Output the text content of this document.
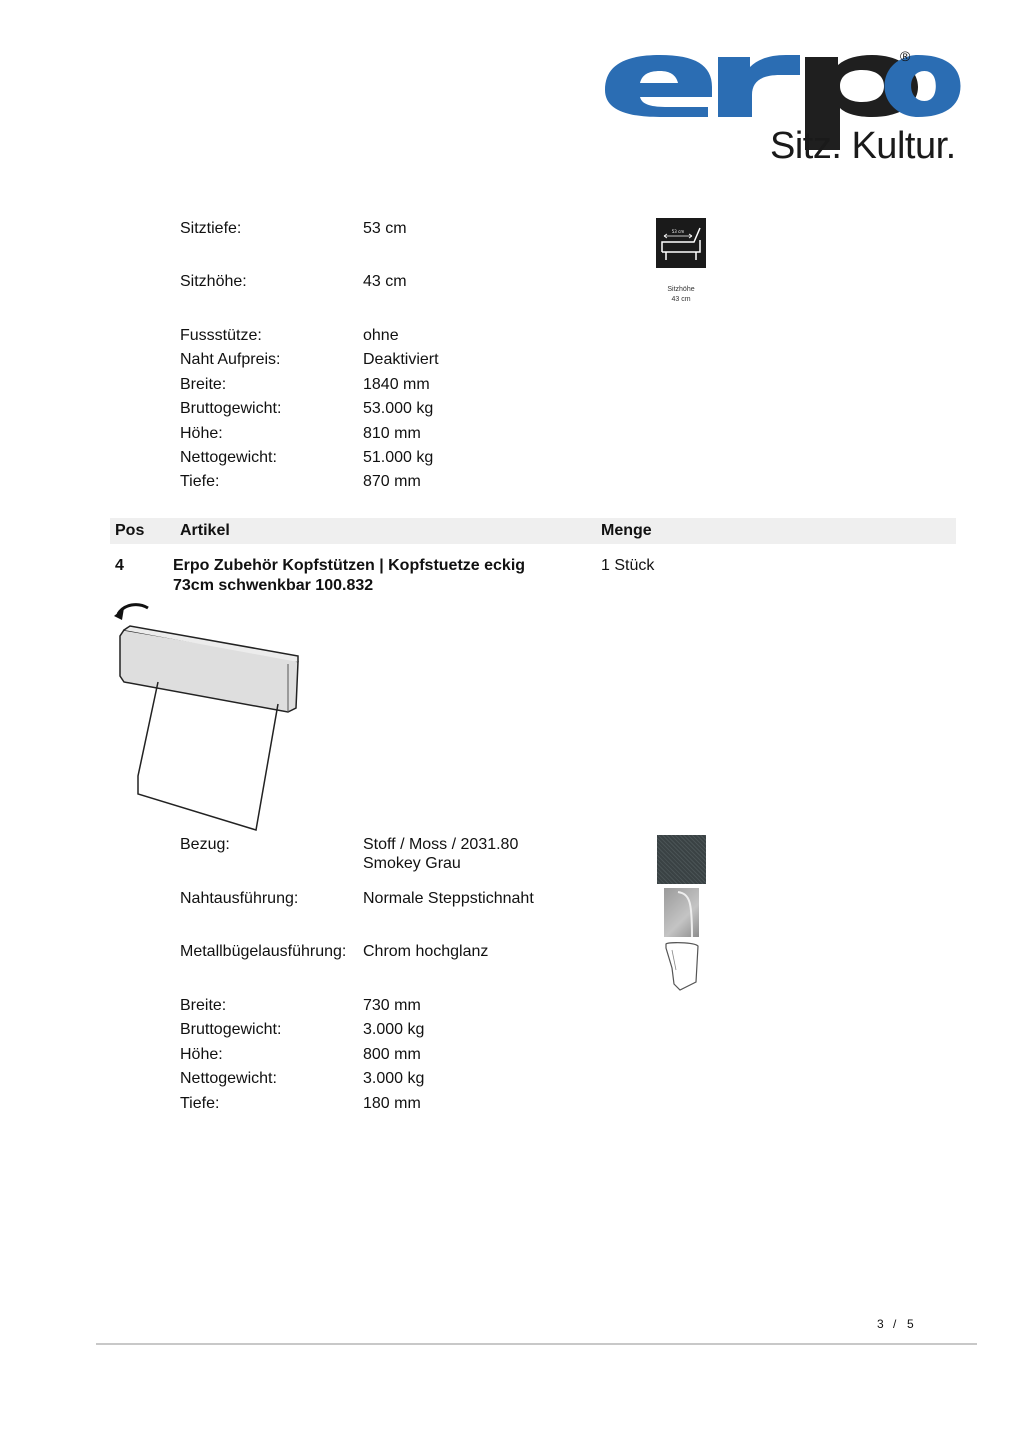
®
Sitz. Kultur.
Sitztiefe:	53 cm
Sitzhöhe:	43 cm
53 cm
Sitzhöhe
43 cm
Fussstütze:	ohne
Naht Aufpreis:	Deaktiviert
Breite:	1840 mm
Bruttogewicht:	53.000 kg
Höhe:	810 mm
Nettogewicht:	51.000 kg
Tiefe:	870 mm
Pos Artikel	Menge
4	Erpo Zubehör Kopfstützen | Kopfstuetze eckig
73cm schwenkbar 100.832
1 Stück
Bezug:	Stoff / Moss / 2031.80
Smokey Grau
Nahtausführung:	Normale Steppstichnaht
Metallbügelausführung: Chrom hochglanz
Breite:	730 mm
Bruttogewicht:	3.000 kg
Höhe:	800 mm
Nettogewicht:	3.000 kg
Tiefe:	180 mm
3 / 5
